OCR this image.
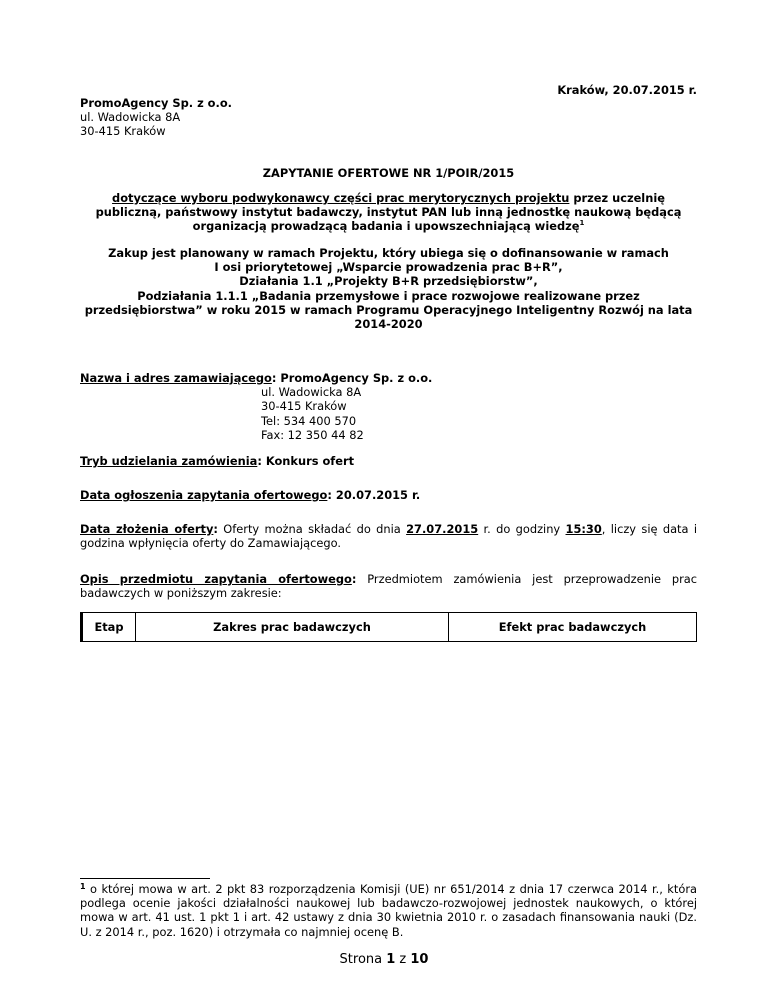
Kraków, 20.07.2015 r.
PromoAgency Sp. z o.o.
ul. Wadowicka 8A
30-415 Kraków
ZAPYTANIE OFERTOWE NR 1/POIR/2015
dotyczące wyboru podwykonawcy części prac merytorycznych projektu przez uczelnię
publiczną, państwowy instytut badawczy, instytut PAN lub inną jednostkę naukową będącą
organizacją prowadzącą badania i upowszechniającą wiedzę$^1$
Zakup jest planowany w ramach Projektu, który ubiega się o dofinansowanie w ramach
I osi priorytetowej „Wsparcie prowadzenia prac B+R”,
Działania 1.1 „Projekty B+R przedsiębiorstw”,
Podziałania 1.1.1 „Badania przemysłowe i prace rozwojowe realizowane przez
przedsiębiorstwa” w roku 2015 w ramach Programu Operacyjnego Inteligentny Rozwój na lata
2014-2020
Nazwa i adres zamawiającego: PromoAgency Sp. z o.o.
ul. Wadowicka 8A
30-415 Kraków
Tel: 534 400 570
Fax: 12 350 44 82
Tryb udzielania zamówienia: Konkurs ofert
Data ogłoszenia zapytania ofertowego: 20.07.2015 r.
Data złożenia oferty: Oferty można składać do dnia 27.07.2015 r. do godziny 15:30, liczy się data i godzina wpłynięcia oferty do Zamawiającego.
Opis przedmiotu zapytania ofertowego: Przedmiotem zamówienia jest przeprowadzenie prac badawczych w poniższym zakresie:
Etap	Zakres prac badawczych	Efekt prac badawczych
$^1$ o której mowa w art. 2 pkt 83 rozporządzenia Komisji (UE) nr 651/2014 z dnia 17 czerwca 2014 r., która podlega ocenie jakości działalności naukowej lub badawczo-rozwojowej jednostek naukowych, o której mowa w art. 41 ust. 1 pkt 1 i art. 42 ustawy z dnia 30 kwietnia 2010 r. o zasadach finansowania nauki (Dz. U. z 2014 r., poz. 1620) i otrzymała co najmniej ocenę B.
Strona 1 z 10
